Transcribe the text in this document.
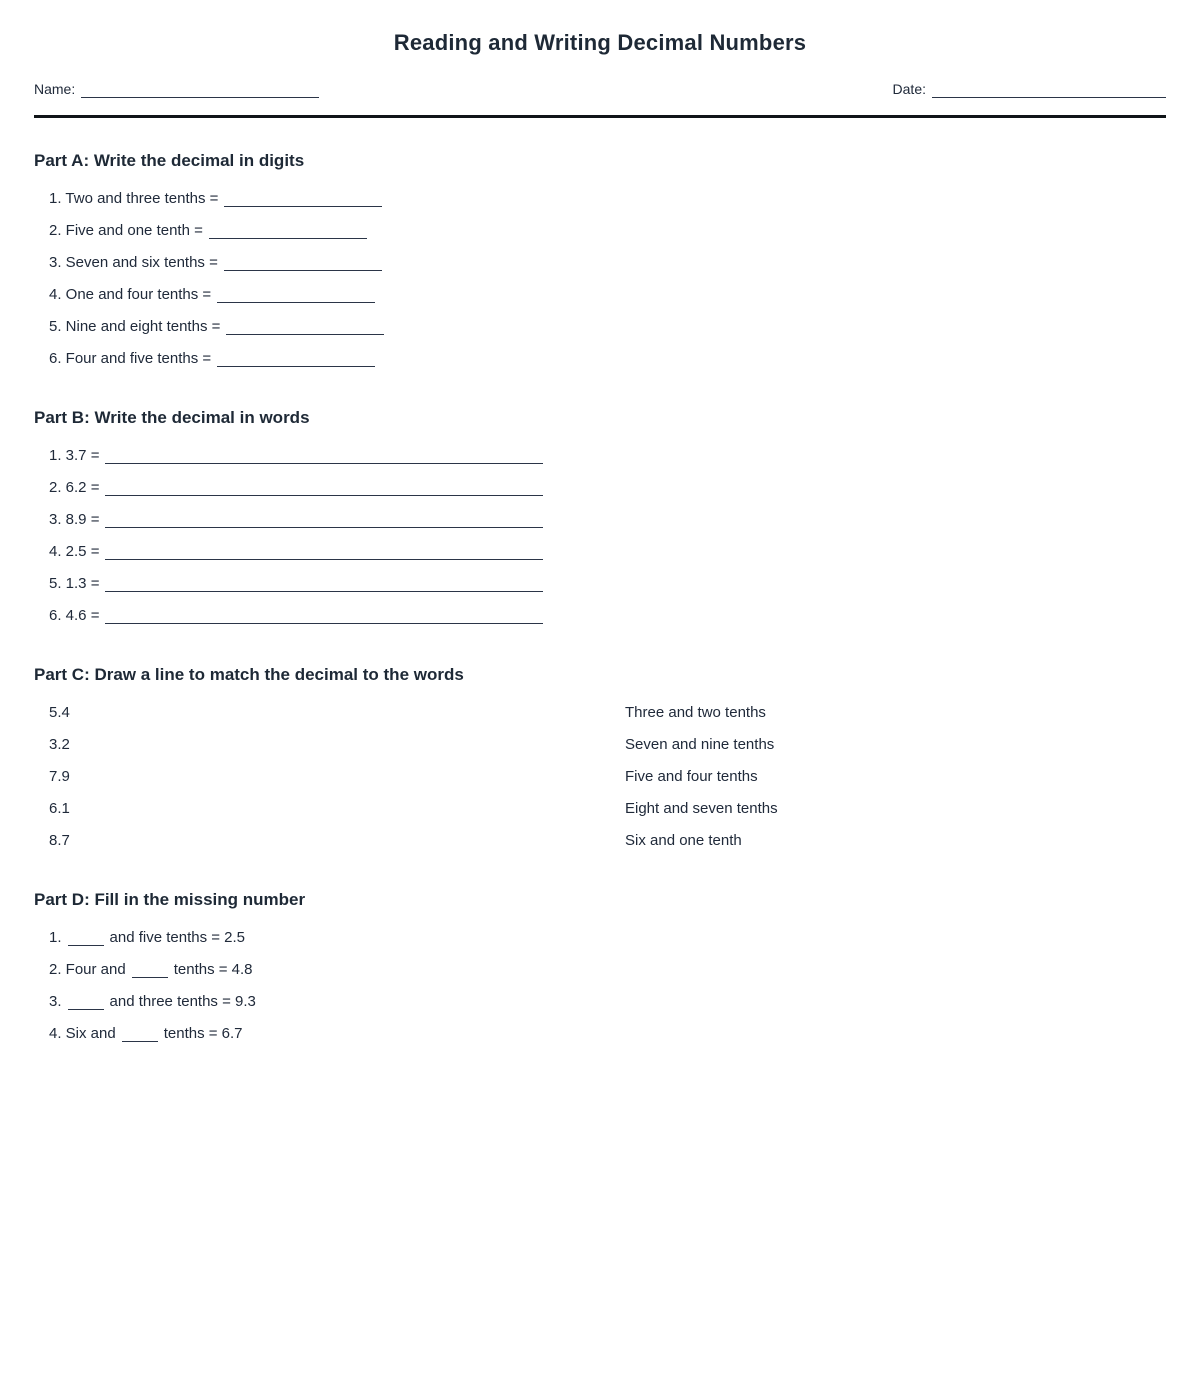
Reading and Writing Decimal Numbers
Name:	Date:
Part A: Write the decimal in digits
1. Two and three tenths =
2. Five and one tenth =
3. Seven and six tenths =
4. One and four tenths =
5. Nine and eight tenths =
6. Four and five tenths =
Part B: Write the decimal in words
1. 3.7 =
2. 6.2 =
3. 8.9 =
4. 2.5 =
5. 1.3 =
6. 4.6 =
Part C: Draw a line to match the decimal to the words
5.4	Three and two tenths
3.2	Seven and nine tenths
7.9	Five and four tenths
6.1	Eight and seven tenths
8.7	Six and one tenth
Part D: Fill in the missing number
1.	and five tenths = 2.5
2. Four and	tenths = 4.8
3.	and three tenths = 9.3
4. Six and	tenths = 6.7
